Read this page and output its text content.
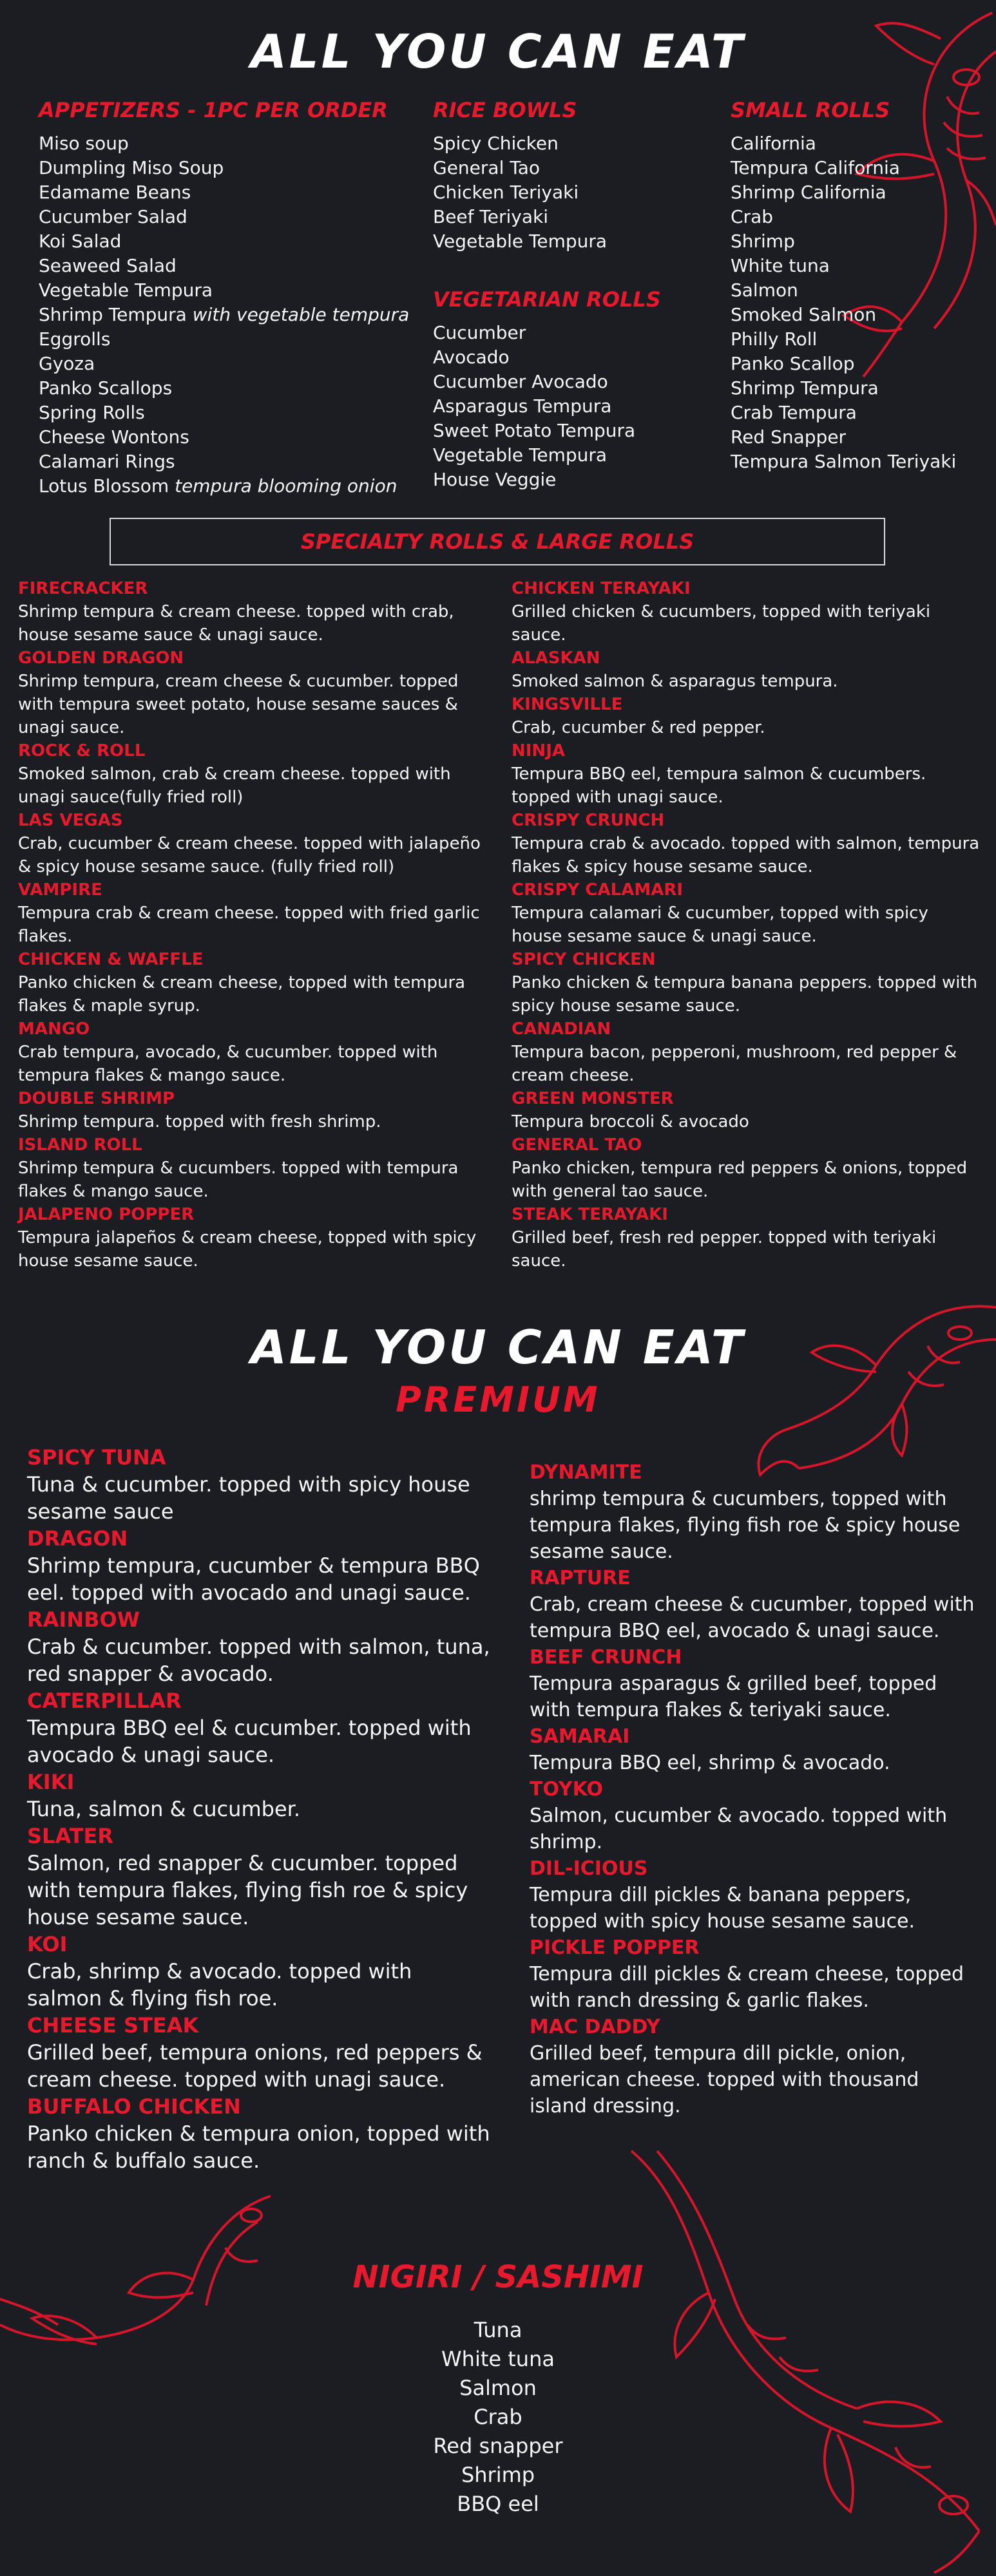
ALL YOU CAN EAT
APPETIZERS - 1PC PER ORDER
Miso soup
Dumpling Miso Soup
Edamame Beans
Cucumber Salad
Koi Salad
Seaweed Salad
Vegetable Tempura
Shrimp Tempura with vegetable tempura
Eggrolls
Gyoza
Panko Scallops
Spring Rolls
Cheese Wontons
Calamari Rings
Lotus Blossom tempura blooming onion
RICE BOWLS
Spicy Chicken
General Tao
Chicken Teriyaki
Beef Teriyaki
Vegetable Tempura
VEGETARIAN ROLLS
Cucumber
Avocado
Cucumber Avocado
Asparagus Tempura
Sweet Potato Tempura
Vegetable Tempura
House Veggie
SMALL ROLLS
California
Tempura California
Shrimp California
Crab
Shrimp
White tuna
Salmon
Smoked Salmon
Philly Roll
Panko Scallop
Shrimp Tempura
Crab Tempura
Red Snapper
Tempura Salmon Teriyaki
SPECIALTY ROLLS & LARGE ROLLS
FIRECRACKER
Shrimp tempura & cream cheese. topped with crab, house sesame sauce & unagi sauce.
GOLDEN DRAGON
Shrimp tempura, cream cheese & cucumber. topped with tempura sweet potato, house sesame sauces & unagi sauce.
ROCK & ROLL
Smoked salmon, crab & cream cheese. topped with unagi sauce(fully fried roll)
LAS VEGAS
Crab, cucumber & cream cheese. topped with jalapeño & spicy house sesame sauce. (fully fried roll)
VAMPIRE
Tempura crab & cream cheese. topped with fried garlic flakes.
CHICKEN & WAFFLE
Panko chicken & cream cheese, topped with tempura flakes & maple syrup.
MANGO
Crab tempura, avocado, & cucumber. topped with tempura flakes & mango sauce.
DOUBLE SHRIMP
Shrimp tempura. topped with fresh shrimp.
ISLAND ROLL
Shrimp tempura & cucumbers. topped with tempura flakes & mango sauce.
JALAPENO POPPER
Tempura jalapeños & cream cheese, topped with spicy house sesame sauce.
CHICKEN TERAYAKI
Grilled chicken & cucumbers, topped with teriyaki sauce.
ALASKAN
Smoked salmon & asparagus tempura.
KINGSVILLE
Crab, cucumber & red pepper.
NINJA
Tempura BBQ eel, tempura salmon & cucumbers. topped with unagi sauce.
CRISPY CRUNCH
Tempura crab & avocado. topped with salmon, tempura flakes & spicy house sesame sauce.
CRISPY CALAMARI
Tempura calamari & cucumber, topped with spicy house sesame sauce & unagi sauce.
SPICY CHICKEN
Panko chicken & tempura banana peppers. topped with spicy house sesame sauce.
CANADIAN
Tempura bacon, pepperoni, mushroom, red pepper & cream cheese.
GREEN MONSTER
Tempura broccoli & avocado
GENERAL TAO
Panko chicken, tempura red peppers & onions, topped with general tao sauce.
STEAK TERAYAKI
Grilled beef, fresh red pepper. topped with teriyaki sauce.
ALL YOU CAN EAT
PREMIUM
SPICY TUNA
Tuna & cucumber. topped with spicy house sesame sauce
DRAGON
Shrimp tempura, cucumber & tempura BBQ eel. topped with avocado and unagi sauce.
RAINBOW
Crab & cucumber. topped with salmon, tuna, red snapper & avocado.
CATERPILLAR
Tempura BBQ eel & cucumber. topped with avocado & unagi sauce.
KIKI
Tuna, salmon & cucumber.
SLATER
Salmon, red snapper & cucumber. topped with tempura flakes, flying fish roe & spicy house sesame sauce.
KOI
Crab, shrimp & avocado. topped with salmon & flying fish roe.
CHEESE STEAK
Grilled beef, tempura onions, red peppers & cream cheese. topped with unagi sauce.
BUFFALO CHICKEN
Panko chicken & tempura onion, topped with ranch & buffalo sauce.
DYNAMITE
shrimp tempura & cucumbers, topped with tempura flakes, flying fish roe & spicy house sesame sauce.
RAPTURE
Crab, cream cheese & cucumber, topped with tempura BBQ eel, avocado & unagi sauce.
BEEF CRUNCH
Tempura asparagus & grilled beef, topped with tempura flakes & teriyaki sauce.
SAMARAI
Tempura BBQ eel, shrimp & avocado.
TOYKO
Salmon, cucumber & avocado. topped with shrimp.
DIL-ICIOUS
Tempura dill pickles & banana peppers, topped with spicy house sesame sauce.
PICKLE POPPER
Tempura dill pickles & cream cheese, topped with ranch dressing & garlic flakes.
MAC DADDY
Grilled beef, tempura dill pickle, onion, american cheese. topped with thousand island dressing.
NIGIRI / SASHIMI
Tuna
White tuna
Salmon
Crab
Red snapper
Shrimp
BBQ eel
